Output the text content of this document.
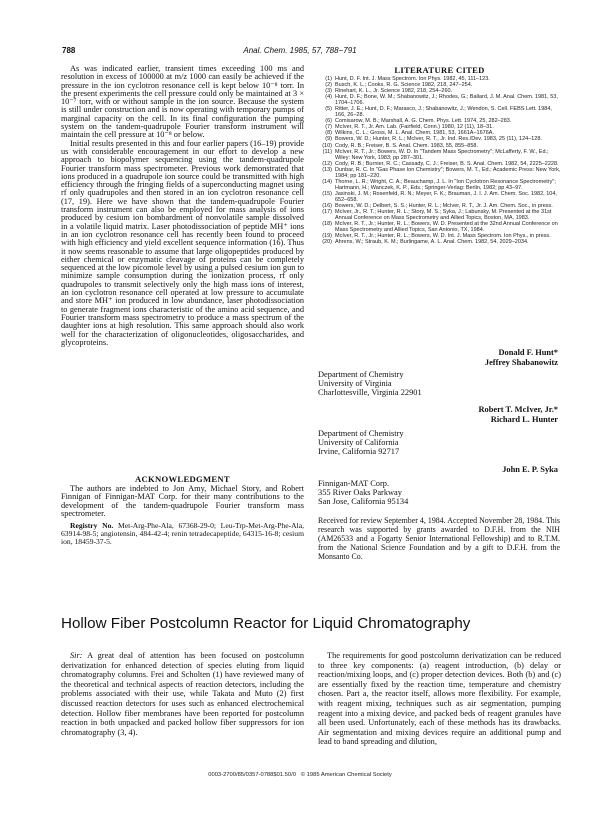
788	Anal. Chem. 1985, 57, 788−791

As was indicated earlier, transient times exceeding 100 ms and resolution in excess of 100000 at m/z 1000 can easily be achieved if the pressure in the ion cyclotron resonance cell is kept below 10⁻⁸ torr. In the present experiments the cell pressure could only be maintained at 3 × 10⁻⁷ torr, with or without sample in the ion source. Because the system is still under construction and is now operating with temporary pumps of marginal capacity on the cell. In its final configuration the pumping system on the tandem-quadrupole Fourier transform instrument will maintain the cell pressure at 10⁻⁸ or below.

Initial results presented in this and four earlier papers (16–19) provide us with considerable encouragement in our effort to develop a new approach to biopolymer sequencing using the tandem-quadrupole Fourier transform mass spectrometer. Previous work demonstrated that ions produced in a quadrupole ion source could be transmitted with high efficiency through the fringing fields of a superconducting magnet using rf only quadrupoles and then stored in an ion cyclotron resonance cell (17, 19). Here we have shown that the tandem-quadrupole Fourier transform instrument can also be employed for mass analysis of ions produced by cesium ion bombardment of nonvolatile sample dissolved in a volatile liquid matrix. Laser photodissociation of peptide MH⁺ ions in an ion cyclotron resonance cell has recently been found to proceed with high efficiency and yield excellent sequence information (16). Thus it now seems reasonable to assume that large oligopeptides produced by either chemical or enzymatic cleavage of proteins can be completely sequenced at the low picomole level by using a pulsed cesium ion gun to minimize sample consumption during the ionization process, rf only quadrupoles to transmit selectively only the high mass ions of interest, an ion cyclotron resonance cell operated at low pressure to accumulate and store MH⁺ ion produced in low abundance, laser photodissociation to generate fragment ions characteristic of the amino acid sequence, and Fourier transform mass spectrometry to produce a mass spectrum of the daughter ions at high resolution. This same approach should also work well for the characterization of oligonucleotides, oligosaccharides, and glycoproteins.

ACKNOWLEDGMENT

The authors are indebted to Jon Amy, Michael Story, and Robert Finnigan of Finnigan-MAT Corp. for their many contributions to the development of the tandem-quadrupole Fourier transform mass spectrometer.

Registry No. Met-Arg-Phe-Ala, 67368-29-0; Leu-Trp-Met-Arg-Phe-Ala, 63914-98-5; angiotensin, 484-42-4; renin tetradecapeptide, 64315-16-8; cesium ion, 18459-37-5.

LITERATURE CITED
(1) Hunt, D. F. Int. J. Mass Spectrom. Ion Phys. 1982, 45, 111–123.
(2) Busch, K. L.; Cooks, R. G. Science 1982, 218, 247–254.
(3) Rinehart, K. L., Jr. Science 1982, 218, 254–260.
(4) Hunt, D. F.; Bone, W. M.; Shabanowitz, J.; Rhodes, G.; Ballard, J. M. Anal. Chem. 1981, 53, 1704–1706.
(5) Ritter, J. E.; Hunt, D. F.; Marasco, J.; Shabanowitz, J.; Wendon, S. Cell. FEBS Lett. 1984, 166, 26–28.
(6) Comisarow, M. B.; Marshall, A. G. Chem. Phys. Lett. 1974, 25, 282–283.
(7) McIver, R. T., Jr. Am. Lab. (Fairfield, Conn.) 1980, 12 (11), 18–31.
(8) Wilkins, C. L.; Gross, M. L. Anal. Chem. 1981, 53, 1661A–1676A.
(9) Bowers, W. D.; Hunter, R. L.; McIver, R. T., Jr. Ind. Res./Dev. 1983, 25 (11), 124–128.
(10) Cody, R. B.; Freiser, B. S. Anal. Chem. 1983, 55, 855–858.
(11) McIver, R. T., Jr.; Bowers, W. D. In "Tandem Mass Spectrometry"; McLafferty, F. W., Ed.; Wiley: New York, 1983; pp 287–301.
(12) Cody, R. B.; Burnier, R. C.; Cassady, C. J.; Freiser, B. S. Anal. Chem. 1982, 54, 2225–2228.
(13) Dunbar, R. C. In "Gas Phase Ion Chemistry"; Bowers, M. T., Ed.; Academic Press: New York, 1984; pp 181–220.
(14) Thorne, L. R.; Wright, C. A.; Beauchamp, J. L. In "Ion Cyclotron Resonance Spectrometry"; Hartmann, H.; Wanczek, K. P., Eds.; Springer-Verlag: Berlin, 1982; pp 43–97.
(15) Jasinski, J. M.; Rosenfeld, R. N.; Meyer, F. K.; Brauman, J. I. J. Am. Chem. Soc. 1982, 104, 652–658.
(16) Bowers, W. D.; Delbert, S. S.; Hunter, R. L.; McIver, R. T., Jr. J. Am. Chem. Soc., in press.
(17) McIver, Jr., R. T.; Hunter, R. L.; Story, M. S.; Syka, J.; Labunsky, M. Presented at the 31st Annual Conference on Mass Spectrometry and Allied Topics, Boston, MA, 1983.
(18) McIver, R. T., Jr.; Hunter, R. L.; Bowers, W. D. Presented at the 32nd Annual Conference on Mass Spectrometry and Allied Topics, San Antonio, TX, 1984.
(19) McIver, R. T., Jr.; Hunter, R. L.; Bowers, W. D. Int. J. Mass Spectrom. Ion Phys., in press.
(20) Ahrens, W.; Straub, K. M.; Burlingame, A. L. Anal. Chem. 1982, 54, 2029–2034.
Donald F. Hunt*
Jeffrey Shabanowitz
Department of Chemistry
University of Virginia
Charlottesville, Virginia 22901
Robert T. McIver, Jr.*
Richard L. Hunter
Department of Chemistry
University of California
Irvine, California 92717
John E. P. Syka
Finnigan-MAT Corp.
355 River Oaks Parkway
San Jose, California 95134

Received for review September 4, 1984. Accepted November 28, 1984. This research was supported by grants awarded to D.F.H. from the NIH (AM26533 and a Fogarty Senior International Fellowship) and to R.T.M. from the National Science Foundation and by a gift to D.F.H. from the Monsanto Co.

Hollow Fiber Postcolumn Reactor for Liquid Chromatography

Sir: A great deal of attention has been focused on postcolumn derivatization for enhanced detection of species eluting from liquid chromatography columns. Frei and Scholten (1) have reviewed many of the theoretical and technical aspects of reaction detectors, including the problems associated with their use, while Takata and Muto (2) first discussed reaction detectors for uses such as enhanced electrochemical detection. Hollow fiber membranes have been reported for postcolumn reaction in both unpacked and packed hollow fiber suppressors for ion chromatography (3, 4).

The requirements for good postcolumn derivatization can be reduced to three key components: (a) reagent introduction, (b) delay or reaction/mixing loops, and (c) proper detection devices. Both (b) and (c) are essentially fixed by the reaction time, temperature and chemistry chosen. Part a, the reactor itself, allows more flexibility. For example, with reagent mixing, techniques such as air segmentation, pumping reagent into a mixing device, and packed beds of reagent granules have all been used. Unfortunately, each of these methods has its drawbacks. Air segmentation and mixing devices require an additional pump and lead to band spreading and dilution,

0003-2700/85/0357-0788$01.50/0 © 1985 American Chemical Society
